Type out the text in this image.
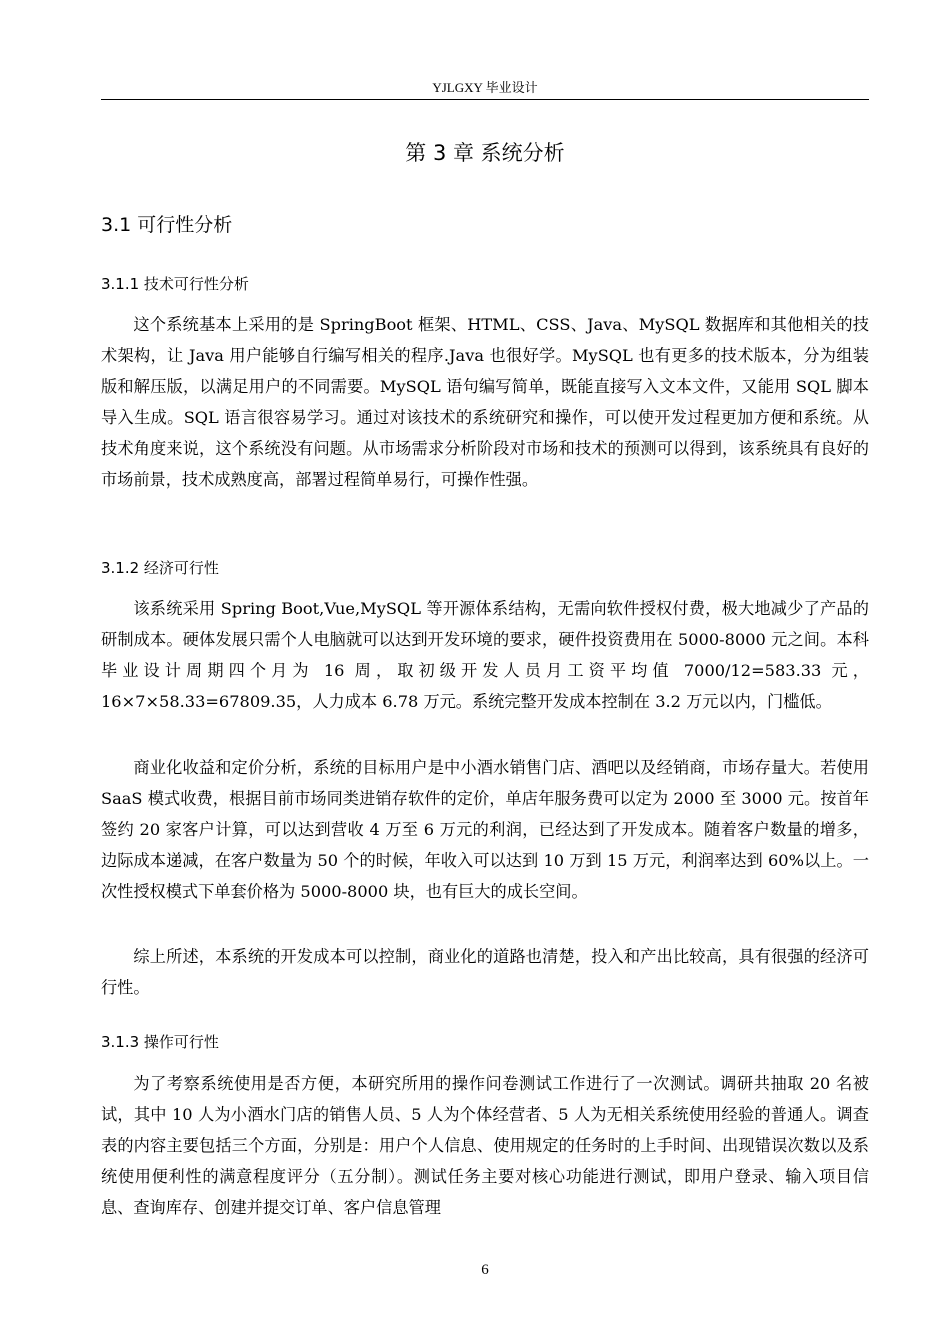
YJLGXY 毕业设计
第 3 章 系统分析
3.1 可行性分析
3.1.1 技术可行性分析

这个系统基本上采用的是 SpringBoot 框架、HTML、CSS、Java、MySQL 数据库和其他相关的技术架构，让 Java 用户能够自行编写相关的程序.Java 也很好学。MySQL 也有更多的技术版本，分为组装版和解压版，以满足用户的不同需要。MySQL 语句编写简单，既能直接写入文本文件，又能用 SQL 脚本导入生成。SQL 语言很容易学习。通过对该技术的系统研究和操作，可以使开发过程更加方便和系统。从技术角度来说，这个系统没有问题。从市场需求分析阶段对市场和技术的预测可以得到，该系统具有良好的市场前景，技术成熟度高，部署过程简单易行，可操作性强。

3.1.2 经济可行性

该系统采用 Spring Boot,Vue,MySQL 等开源体系结构，无需向软件授权付费，极大地减少了产品的研制成本。硬体发展只需个人电脑就可以达到开发环境的要求，硬件投资费用在 5000-8000 元之间。本科毕业设计周期四个月为 16 周，取初级开发人员月工资平均值 7000/12=583.33 元，16×7×58.33=67809.35，人力成本 6.78 万元。系统完整开发成本控制在 3.2 万元以内，门槛低。

商业化收益和定价分析，系统的目标用户是中小酒水销售门店、酒吧以及经销商，市场存量大。若使用 SaaS 模式收费，根据目前市场同类进销存软件的定价，单店年服务费可以定为 2000 至 3000 元。按首年签约 20 家客户计算，可以达到营收 4 万至 6 万元的利润，已经达到了开发成本。随着客户数量的增多，边际成本递减，在客户数量为 50 个的时候，年收入可以达到 10 万到 15 万元，利润率达到 60%以上。一次性授权模式下单套价格为 5000-8000 块，也有巨大的成长空间。

综上所述，本系统的开发成本可以控制，商业化的道路也清楚，投入和产出比较高，具有很强的经济可行性。

3.1.3 操作可行性

为了考察系统使用是否方便，本研究所用的操作问卷测试工作进行了一次测试。调研共抽取 20 名被试，其中 10 人为小酒水门店的销售人员、5 人为个体经营者、5 人为无相关系统使用经验的普通人。调查表的内容主要包括三个方面，分别是：用户个人信息、使用规定的任务时的上手时间、出现错误次数以及系统使用便利性的满意程度评分（五分制）。测试任务主要对核心功能进行测试，即用户登录、输入项目信息、查询库存、创建并提交订单、客户信息管理

6
